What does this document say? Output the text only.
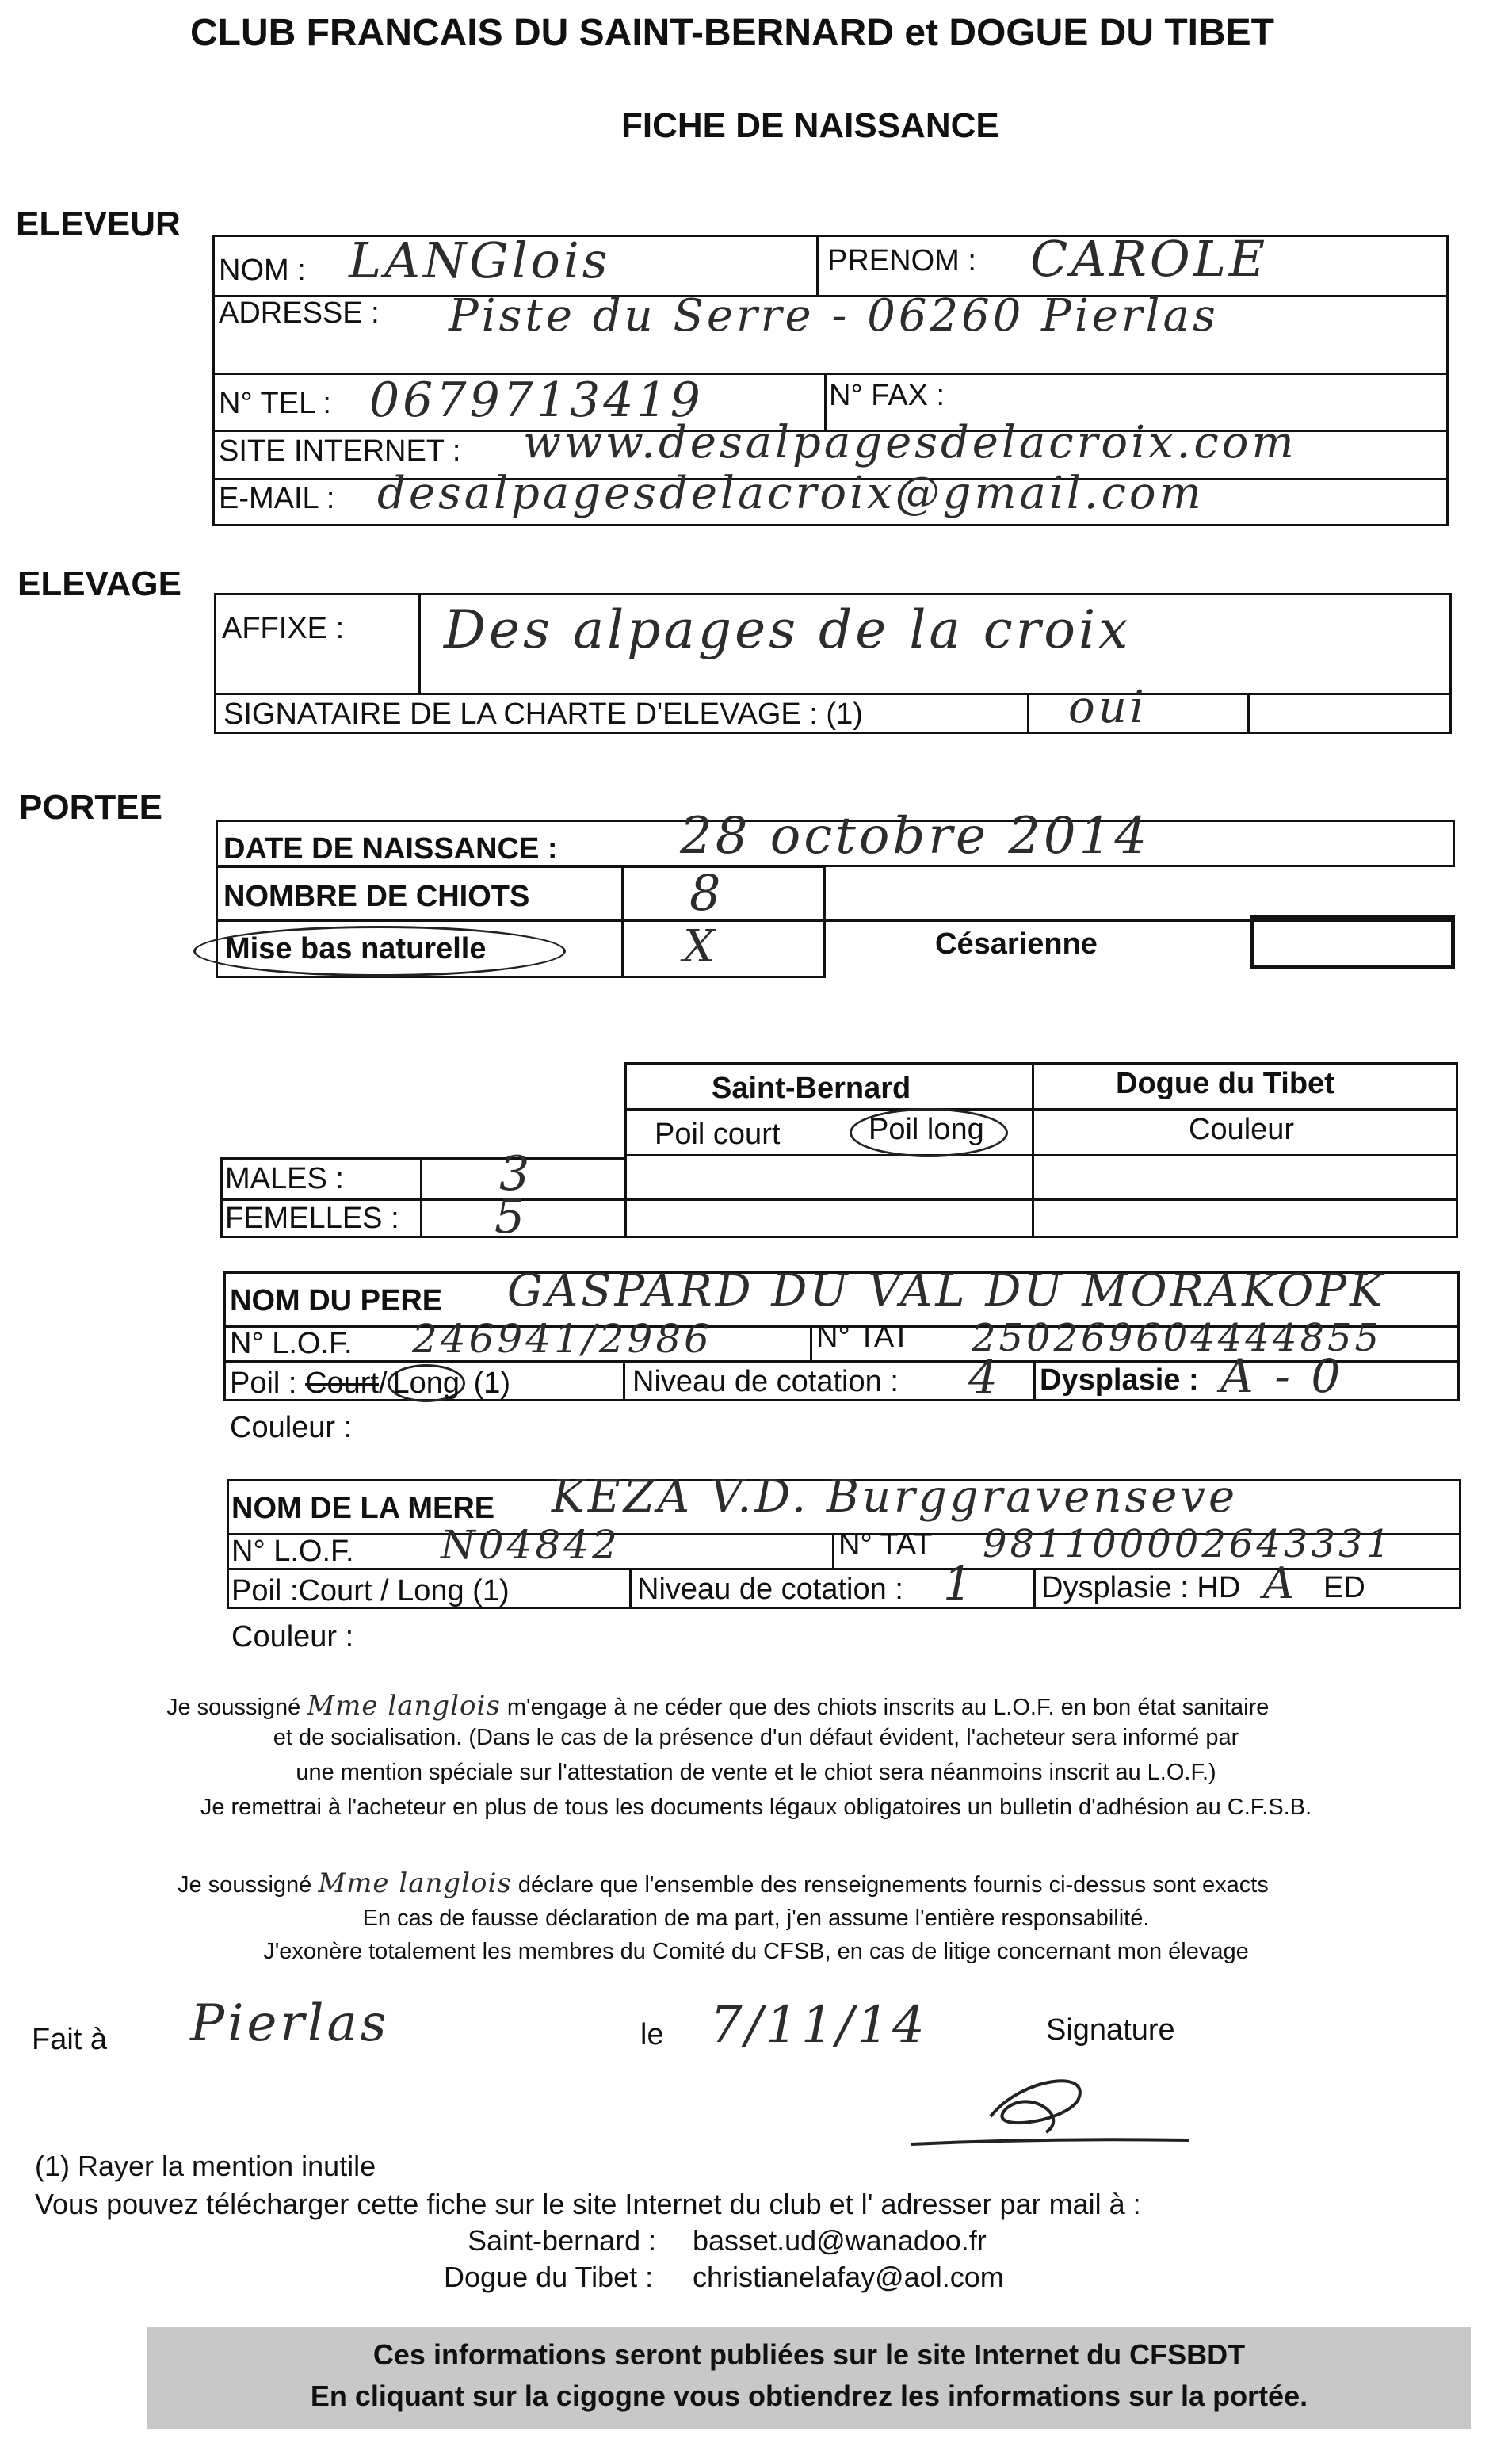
CLUB FRANCAIS DU SAINT-BERNARD et DOGUE DU TIBET
FICHE DE NAISSANCE
ELEVEUR
NOM : LANGlois	PRENOM : CAROLE
ADRESSE : Piste du Serre - 06260 Pierlas
N° TEL : 0679713419	N° FAX :
SITE INTERNET : www.desalpagesdelacroix.com
E-MAIL : desalpagesdelacroix@gmail.com
ELEVAGE
AFFIXE : Des alpages de la croix
SIGNATAIRE DE LA CHARTE D'ELEVAGE : (1)	oui
PORTEE
DATE DE NAISSANCE : 28 octobre 2014
NOMBRE DE CHIOTS	8
Mise bas naturelle	X	Césarienne
Saint-Bernard	Dogue du Tibet
Poil court	Poil long	Couleur
MALES :	3
FEMELLES : 5
NOM DU PERE GASPARD DU VAL DU MORAKOPK
N° L.O.F. 246941/2986	N° TAT 250269604444855
Poil : Court/ Long (1)	Niveau de cotation : 4 Dysplasie : A - 0
Couleur :
NOM DE LA MERE KEZA V.D. Burggravenseve
N° L.O.F. N04842	N° TAT 981100002643331
Poil :Court / Long (1)	Niveau de cotation : 1 Dysplasie : HD A ED
Couleur :
Je soussigné Mme langlois m'engage à ne céder que des chiots inscrits au L.O.F. en bon état sanitaire
et de socialisation. (Dans le cas de la présence d'un défaut évident, l'acheteur sera informé par
une mention spéciale sur l'attestation de vente et le chiot sera néanmoins inscrit au L.O.F.)
Je remettrai à l'acheteur en plus de tous les documents légaux obligatoires un bulletin d'adhésion au C.F.S.B.
Je soussigné Mme langlois déclare que l'ensemble des renseignements fournis ci-dessus sont exacts
En cas de fausse déclaration de ma part, j'en assume l'entière responsabilité.
J'exonère totalement les membres du Comité du CFSB, en cas de litige concernant mon élevage
Fait à Pierlas	le 7/11/14	Signature
(1) Rayer la mention inutile
Vous pouvez télécharger cette fiche sur le site Internet du club et l' adresser par mail à :
Saint-bernard : basset.ud@wanadoo.fr
Dogue du Tibet : christianelafay@aol.com
Ces informations seront publiées sur le site Internet du CFSBDT
En cliquant sur la cigogne vous obtiendrez les informations sur la portée.
